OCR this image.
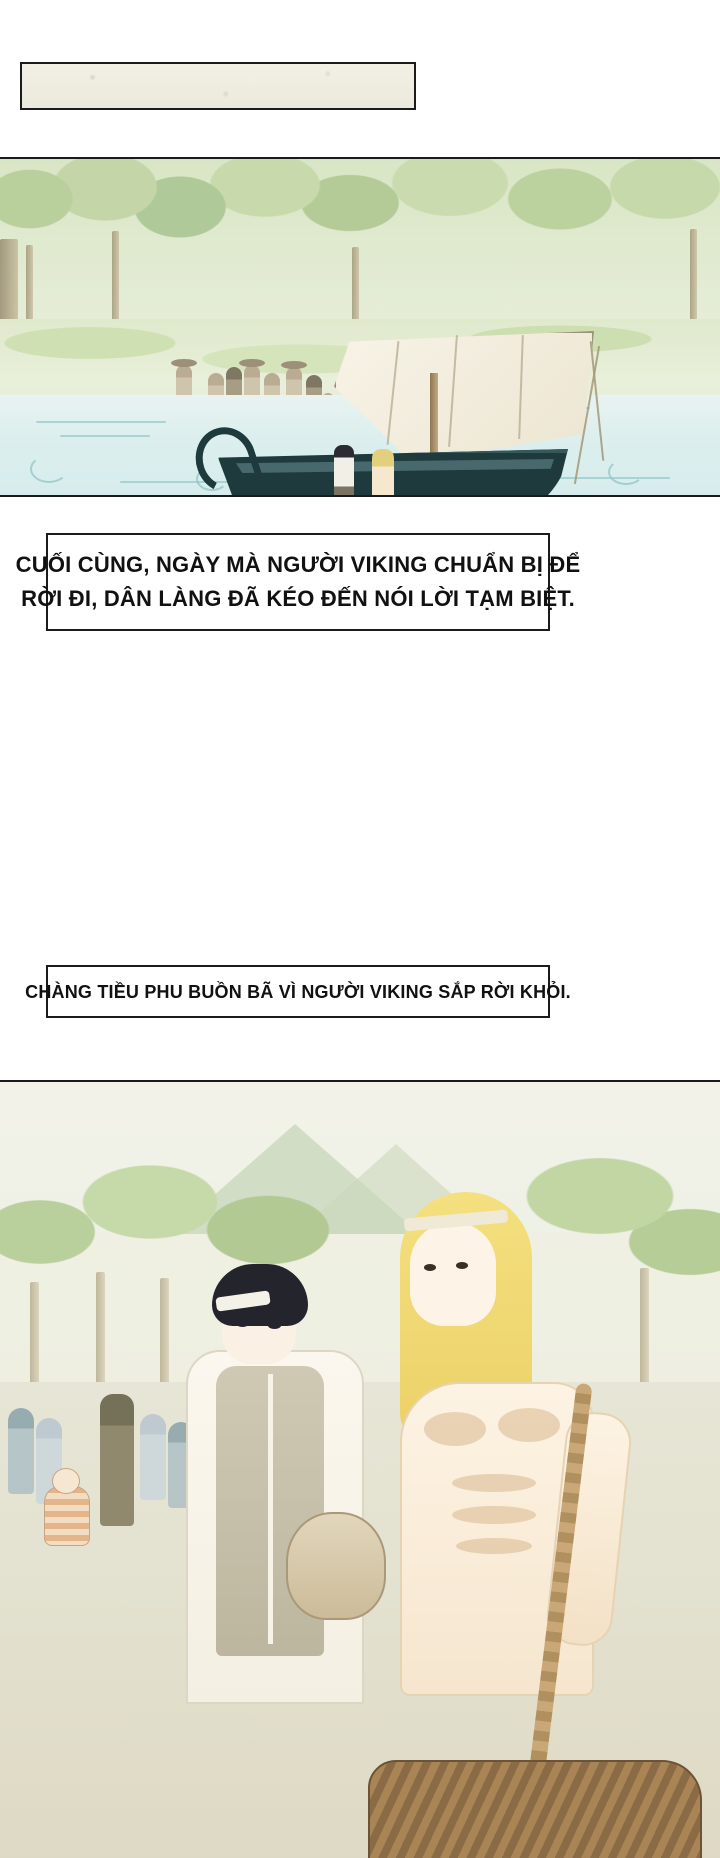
CUỐI CÙNG, NGÀY MÀ NGƯỜI VIKING CHUẨN BỊ ĐỂ
RỜI ĐI, DÂN LÀNG ĐÃ KÉO ĐẾN NÓI LỜI TẠM BIỆT.
CHÀNG TIỀU PHU BUỒN BÃ VÌ NGƯỜI VIKING SẮP RỜI KHỎI.
